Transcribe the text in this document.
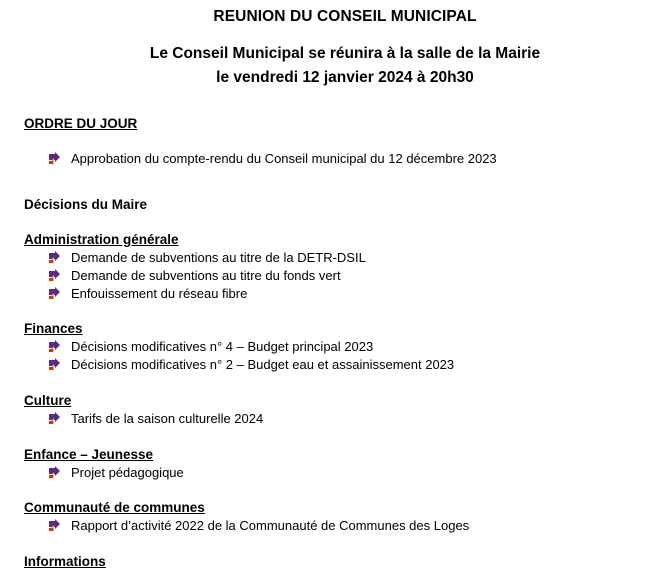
REUNION DU CONSEIL MUNICIPAL
Le Conseil Municipal se réunira à la salle de la Mairie
le vendredi 12 janvier 2024 à 20h30
ORDRE DU JOUR
Approbation du compte-rendu du Conseil municipal du 12 décembre 2023
Décisions du Maire
Administration générale
Demande de subventions au titre de la DETR-DSIL
Demande de subventions au titre du fonds vert
Enfouissement du réseau fibre
Finances
Décisions modificatives n° 4 – Budget principal 2023
Décisions modificatives n° 2 – Budget eau et assainissement 2023
Culture
Tarifs de la saison culturelle 2024
Enfance – Jeunesse
Projet pédagogique
Communauté de communes
Rapport d’activité 2022 de la Communauté de Communes des Loges
Informations
